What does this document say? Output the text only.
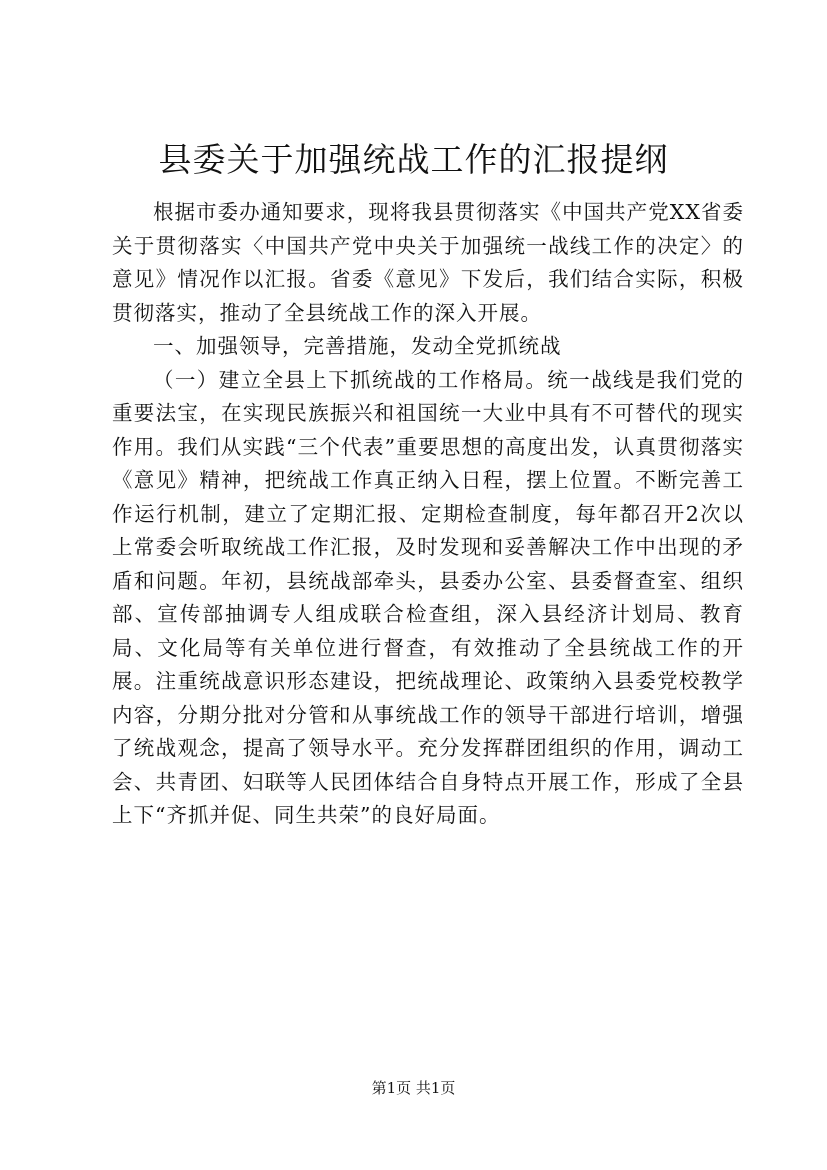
县委关于加强统战工作的汇报提纲

根据市委办通知要求，现将我县贯彻落实《中国共产党XX省委关于贯彻落实〈中国共产党中央关于加强统一战线工作的决定〉的意见》情况作以汇报。省委《意见》下发后，我们结合实际，积极贯彻落实，推动了全县统战工作的深入开展。

一、加强领导，完善措施，发动全党抓统战

（一）建立全县上下抓统战的工作格局。统一战线是我们党的重要法宝，在实现民族振兴和祖国统一大业中具有不可替代的现实作用。我们从实践“三个代表”重要思想的高度出发，认真贯彻落实《意见》精神，把统战工作真正纳入日程，摆上位置。不断完善工作运行机制，建立了定期汇报、定期检查制度，每年都召开2次以上常委会听取统战工作汇报，及时发现和妥善解决工作中出现的矛盾和问题。年初，县统战部牵头，县委办公室、县委督查室、组织部、宣传部抽调专人组成联合检查组，深入县经济计划局、教育局、文化局等有关单位进行督查，有效推动了全县统战工作的开展。注重统战意识形态建设，把统战理论、政策纳入县委党校教学内容，分期分批对分管和从事统战工作的领导干部进行培训，增强了统战观念，提高了领导水平。充分发挥群团组织的作用，调动工会、共青团、妇联等人民团体结合自身特点开展工作，形成了全县上下“齐抓并促、同生共荣”的良好局面。

第1页 共1页
